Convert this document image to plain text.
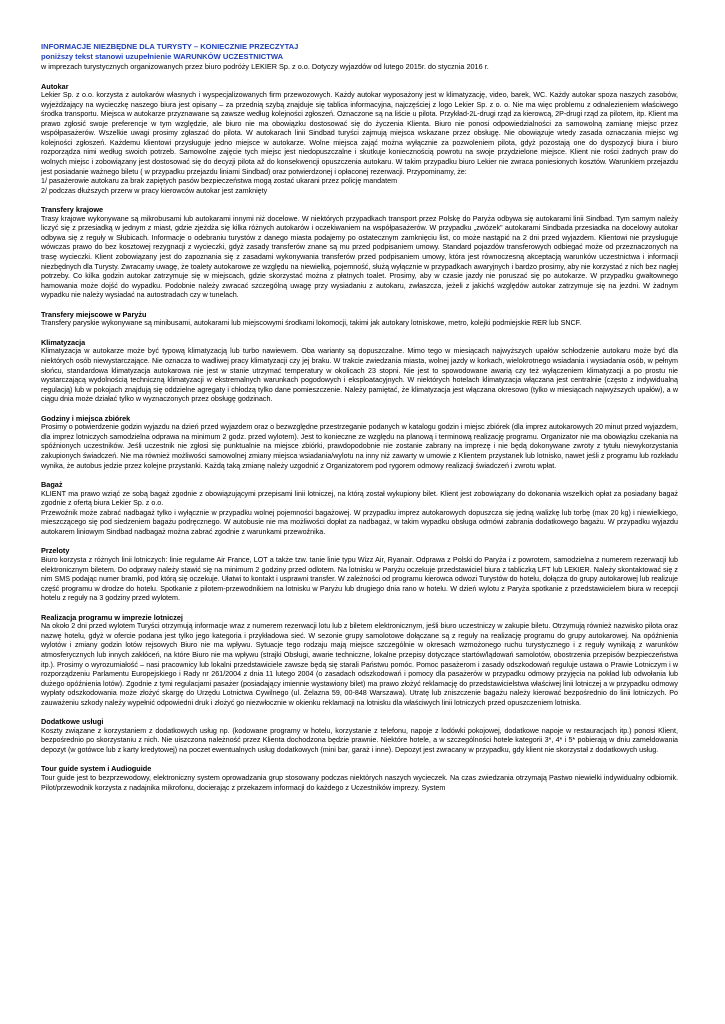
INFORMACJE NIEZBĘDNE DLA TURYSTY – KONIECZNIE PRZECZYTAJ
poniższy tekst stanowi uzupełnienie WARUNKÓW UCZESTNICTWA
w imprezach turystycznych organizowanych przez biuro podróży LEKIER Sp. z o.o. Dotyczy wyjazdów od lutego 2015r. do stycznia 2016 r.
Autokar

Lekier Sp. z o.o. korzysta z autokarów własnych i wyspecjalizowanych firm przewozowych. Każdy autokar wyposażony jest w klimatyzację, video, barek, WC. Każdy autokar spoza naszych zasobów, wyjeżdżający na wycieczkę naszego biura jest opisany – za przednią szybą znajduje się tablica informacyjna, najczęściej z logo Lekier Sp. z o. o. Nie ma więc problemu z odnalezieniem właściwego środka transportu. Miejsca w autokarze przyznawane są zawsze według kolejności zgłoszeń. Oznaczone są na liście u pilota. Przykład-2L-drugi rząd za kierowcą, 2P-drugi rząd za pilotem, itp. Klient ma prawo zgłosić swoje preferencje w tym względzie, ale biuro nie ma obowiązku dostosować się do życzenia Klienta. Biuro nie ponosi odpowiedzialności za samowolną zamianę miejsc przez współpasażerów. Wszelkie uwagi prosimy zgłaszać do pilota. W autokarach linii Sindbad turyści zajmują miejsca wskazane przez obsługę. Nie obowiązuje wtedy zasada oznaczania miejsc wg kolejności zgłoszeń. Każdemu klientowi przysługuje jedno miejsce w autokarze. Wolne miejsca zająć można wyłącznie za pozwoleniem pilota, gdyż pozostają one do dyspozycji biura i biuro rozporządza nimi według swoich potrzeb. Samowolne zajęcie tych miejsc jest niedopuszczalne i skutkuje koniecznością powrotu na swoje przydzielone miejsce. Klient nie rości żadnych praw do wolnych miejsc i zobowiązany jest dostosować się do decyzji pilota až do konsekwencji opuszczenia autokaru. W takim przypadku biuro Lekier nie zwraca poniesionych kosztów. Warunkiem przejazdu jest posiadanie ważnego biletu ( w przypadku przejazdu liniami Sindbad) oraz potwierdzonej i opłaconej rezerwacji. Przypominamy, że:

1/ pasażerowie autokaru za brak zapiętych pasów bezpieczeństwa mogą zostać ukarani przez policję mandatem

2/ podczas dłuższych przerw w pracy kierowców autokar jest zamknięty

Transfery krajowe

Trasy krajowe wykonywane są mikrobusami lub autokarami innymi niż docelowe. W niektórych przypadkach transport przez Polskę do Paryża odbywa się autokarami linii Sindbad. Tym samym należy liczyć się z przesiadką w jednym z miast, gdzie zjeżdża się kilka różnych autokarów i oczekiwaniem na współpasażerów. W przypadku „zwózek" autokarami Sindbada przesiadka na docelowy autokar odbywa się z reguły w Słubicach. Informacje o odebraniu turystów z danego miasta podajemy po ostatecznym zamknięciu list, co może nastąpić na 2 dni przed wyjazdem. Klientowi nie przysługuje wówczas prawo do bez kosztowej rezygnacji z wycieczki, gdyż zasady transferów znane są mu przed podpisaniem umowy. Standard pojazdów transferowych odbiegać może od przeznaczonych na trasę wycieczki. Klient zobowiązany jest do zapoznania się z zasadami wykonywania transferów przed podpisaniem umowy, która jest równoczesną akceptacją warunków uczestnictwa i informacji niezbędnych dla Turysty. Zwracamy uwagę, że toalety autokarowe ze względu na niewielką, pojemność, służą wyłącznie w przypadkach awaryjnych i bardzo prosimy, aby nie korzystać z nich bez nagłej potrzeby. Co kilka godzin autokar zatrzymuje się w miejscach, gdzie skorzystać można z płatnych toalet. Prosimy, aby w czasie jazdy nie poruszać się po autokarze. W przypadku gwałtownego hamowania może dojść do wypadku. Podobnie należy zwracać szczególną uwagę przy wysiadaniu z autokaru, zwłaszcza, jeżeli z jakichś względów autokar zatrzymuje się na jezdni. W żadnym wypadku nie należy wysiadać na autostradach czy w tunelach.

Transfery miejscowe w Paryżu

Transfery paryskie wykonywane są minibusami, autokarami lub miejscowymi środkami lokomocji, takimi jak autokary lotniskowe, metro, kolejki podmiejskie RER lub SNCF.

Klimatyzacja

Klimatyzacja w autokarze może być typową klimatyzacją lub turbo nawiewem. Oba warianty są dopuszczalne. Mimo tego w miesiącach najwyższych upałów schłodzenie autokaru może być dla niektórych osób niewystarczające. Nie oznacza to wadliwej pracy klimatyzacji czy jej braku. W trakcie zwiedzania miasta, wolnej jazdy w korkach, wielokrotnego wsiadania i wysiadania osób, w pełnym słońcu, standardowa klimatyzacja autokarowa nie jest w stanie utrzymać temperatury w okolicach 23 stopni. Nie jest to spowodowane awarią czy też wyłączeniem klimatyzacji a po prostu nie wystarczającą wydolnością techniczną klimatyzacji w ekstremalnych warunkach pogodowych i eksploatacyjnych. W niektórych hotelach klimatyzacja włączana jest centralnie (często z indywidualną regulacją) lub w pokojach znajdują się oddzielne agregaty i chłodzą tylko dane pomieszczenie. Należy pamiętać, że klimatyzacja jest włączana okresowo (tylko w miesiącach najwyższych upałów), a w ciągu dnia może działać tylko w wyznaczonych przez obsługę godzinach.

Godziny i miejsca zbiórek

Prosimy o potwierdzenie godzin wyjazdu na dzień przed wyjazdem oraz o bezwzględne przestrzeganie podanych w katalogu godzin i miejsc zbiórek (dla imprez autokarowych 20 minut przed wyjazdem, dla imprez lotniczych samodzielna odprawa na minimum 2 godz. przed wylotem). Jest to konieczne ze względu na planową i terminową realizację programu. Organizator nie ma obowiązku czekania na spóźnionych uczestników. Jeśli uczestnik nie zgłosi się punktualnie na miejsce zbiórki, prawdopodobnie nie zostanie zabrany na imprezę i nie będą dokonywane zwroty z tytułu niewykorzystania zakupionych świadczeń. Nie ma również możliwości samowolnej zmiany miejsca wsiadania/wylotu na inny niż zawarty w umowie z Klientem przystanek lub lotnisko, nawet jeśli z programu lub rozkładu wynika, że autobus jedzie przez kolejne przystanki. Każdą taką zmianę należy uzgodnić z Organizatorem pod rygorem odmowy realizacji świadczeń i zwrotu wpłat.

Bagaż

KLIENT ma prawo wziąć ze sobą bagaż zgodnie z obowiązującymi przepisami linii lotniczej, na którą został wykupiony bilet. Klient jest zobowiązany do dokonania wszelkich opłat za posiadany bagaż zgodnie z ofertą biura Lekier Sp. z o.o.

Przewoźnik może zabrać nadbagaż tylko i wyłącznie w przypadku wolnej pojemności bagażowej. W przypadku imprez autokarowych dopuszcza się jedną walizkę lub torbę (max 20 kg) i niewielkiego, mieszczącego się pod siedzeniem bagażu podręcznego. W autobusie nie ma możliwości dopłat za nadbagaż, w takim wypadku obsługa odmówi zabrania dodatkowego bagażu. W przypadku wyjazdu autokarem liniowym Sindbad nadbagaż można zabrać zgodnie z warunkami przewoźnika.

Przeloty

Biuro korzysta z różnych linii lotniczych: linie regularne Air France, LOT a także tzw. tanie linie typu Wizz Air, Ryanair. Odprawa z Polski do Paryża i z powrotem, samodzielna z numerem rezerwacji lub elektronicznym biletem. Do odprawy należy stawić się na minimum 2 godziny przed odlotem. Na lotnisku w Paryżu oczekuje przedstawiciel biura z tabliczką LFT lub LEKIER. Należy skontaktować się z nim SMS podając numer bramki, pod którą się oczekuje. Ułatwi to kontakt i usprawni transfer. W zależności od programu kierowca odwozi Turystów do hotelu, dołącza do grupy autokarowej lub realizuje część programu w drodze do hotelu. Spotkanie z pilotem-przewodnikiem na lotnisku w Paryżu lub drugiego dnia rano w hotelu. W dzień wylotu z Paryża spotkanie z przedstawicielem biura w recepcji hotelu z reguły na 3 godziny przed wylotem.

Realizacja programu w imprezie lotniczej

Na około 2 dni przed wylotem Turyści otrzymują informacje wraz z numerem rezerwacji lotu lub z biletem elektronicznym, jeśli biuro uczestniczy w zakupie biletu. Otrzymują również nazwisko pilota oraz nazwę hotelu, gdyż w ofercie podana jest tylko jego kategoria i przykładowa sieć. W sezonie grupy samolotowe dołączane są z reguły na realizację programu do grupy autokarowej. Na opóźnienia wylotów i zmiany godzin lotów rejsowych Biuro nie ma wpływu. Sytuacje tego rodzaju mają miejsce szczególnie w okresach wzmożonego ruchu turystycznego i z reguły wynikają z warunków atmosferycznych lub innych zakłóceń, na które Biuro nie ma wpływu (strajki Obsługi, awarie techniczne, lokalne przepisy dotyczące startów/lądowań samolotów, obostrzenia przepisów bezpieczeństwa itp.). Prosimy o wyrozumiałość – nasi pracownicy lub lokalni przedstawiciele zawsze będą się starali Państwu pomóc. Pomoc pasażerom i zasady odszkodowań reguluje ustawa o Prawie Lotniczym i w rozporządzeniu Parlamentu Europejskiego i Rady nr 261/2004 z dnia 11 lutego 2004 (o zasadach odszkodowań i pomocy dla pasażerów w przypadku odmowy przyjęcia na pokład lub odwołania lub dużego opóźnienia lotów). Zgodnie z tymi regulacjami pasażer (posiadający imiennie wystawiony bilet) ma prawo złożyć reklamację do przedstawicielstwa właściwej linii lotniczej a w przypadku odmowy wypłaty odszkodowania może złożyć skargę do Urzędu Lotnictwa Cywilnego (ul. Żelazna 59, 00-848 Warszawa). Utratę lub zniszczenie bagażu należy kierować bezpośrednio do linii lotniczych. Po zauważeniu szkody należy wypełnić odpowiedni druk i złożyć go niezwłocznie w okienku reklamacji na lotnisku dla właściwych linii lotniczych przed opuszczeniem lotniska.

Dodatkowe usługi

Koszty związane z korzystaniem z dodatkowych usług np. (kodowane programy w hotelu, korzystanie z telefonu, napoje z lodówki pokojowej, dodatkowe napoje w restauracjach itp.) ponosi Klient, bezpośrednio po skorzystaniu z nich. Nie uiszczona należność przez Klienta dochodzona będzie prawnie. Niektóre hotele, a w szczególności hotele kategorii 3*, 4* i 5* pobierają w dniu zameldowania depozyt (w gotówce lub z karty kredytowej) na poczet ewentualnych usług dodatkowych (mini bar, garaż i inne). Depozyt jest zwracany w przypadku, gdy klient nie skorzystał z dodatkowych usług.

Tour guide system i Audioguide

Tour guide jest to bezprzewodowy, elektroniczny system oprowadzania grup stosowany podczas niektórych naszych wycieczek. Na czas zwiedzania otrzymają Pastwo niewielki indywidualny odbiornik. Pilot/przewodnik korzysta z nadajnika mikrofonu, docierając z przekazem informacji do każdego z Uczestników imprezy. System
